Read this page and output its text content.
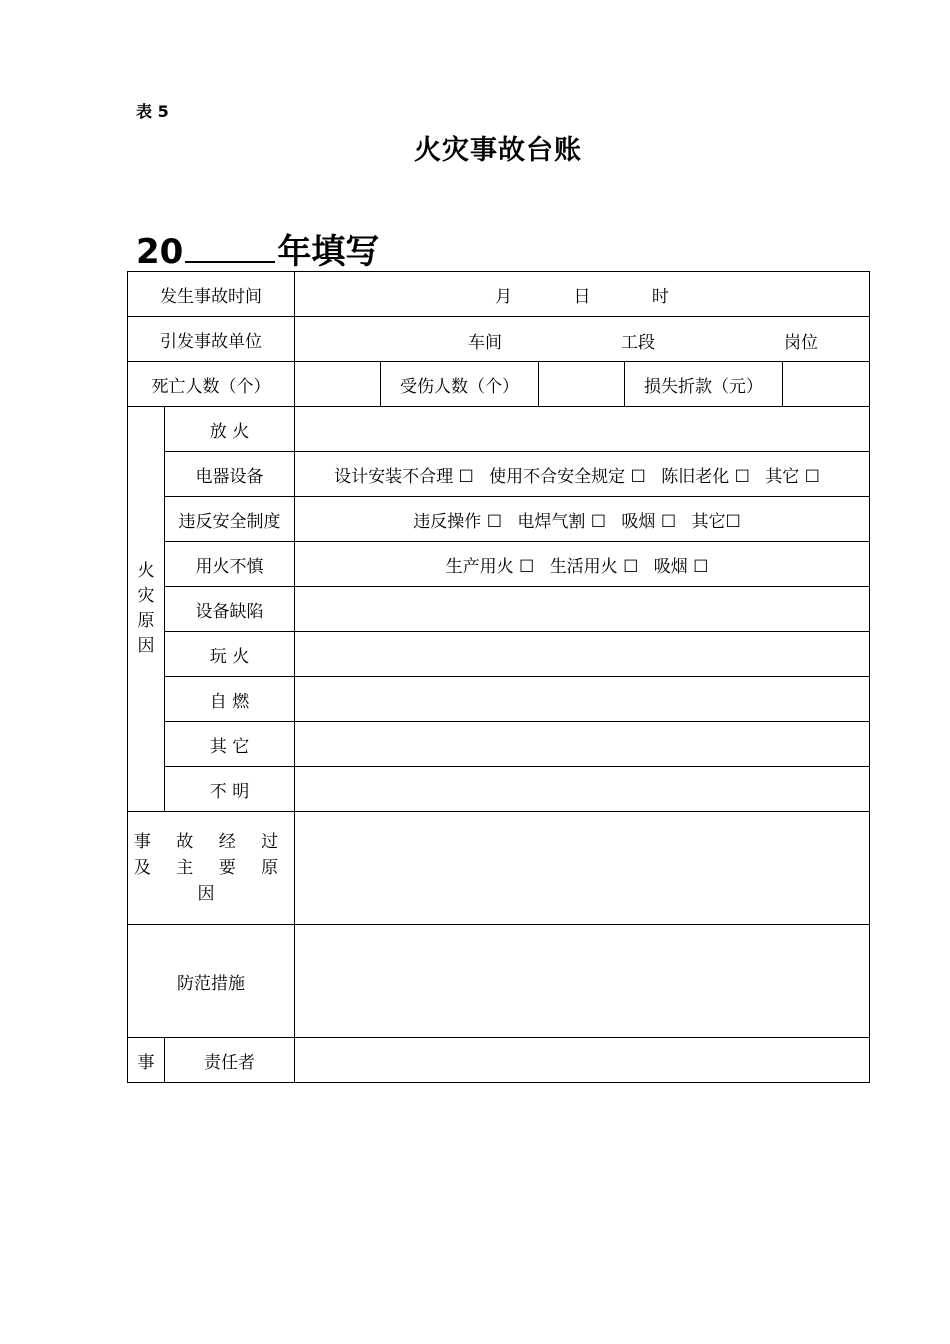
表 5
火灾事故台账
20	年填写
发生事故时间		月 日 时				
引发事故单位		车间 工段 岗位				

死亡人数（个）			受伤人数（个）		损失折款（元）	

火
灾
原
因	放 火					
	电器设备	设计安装不合理 ☐ 使用不合安全规定 ☐ 陈旧老化 ☐ 其它 ☐				
	违反安全制度	违反操作 ☐ 电焊气割 ☐ 吸烟 ☐ 其它☐				
	用火不慎	生产用火 ☐ 生活用火 ☐ 吸烟 ☐				
	设备缺陷					
	玩 火					
	自 燃					
	其 它					
	不 明					

事 故 经 过
及 主 要 原 因						

防范措施						
事	责任者					
